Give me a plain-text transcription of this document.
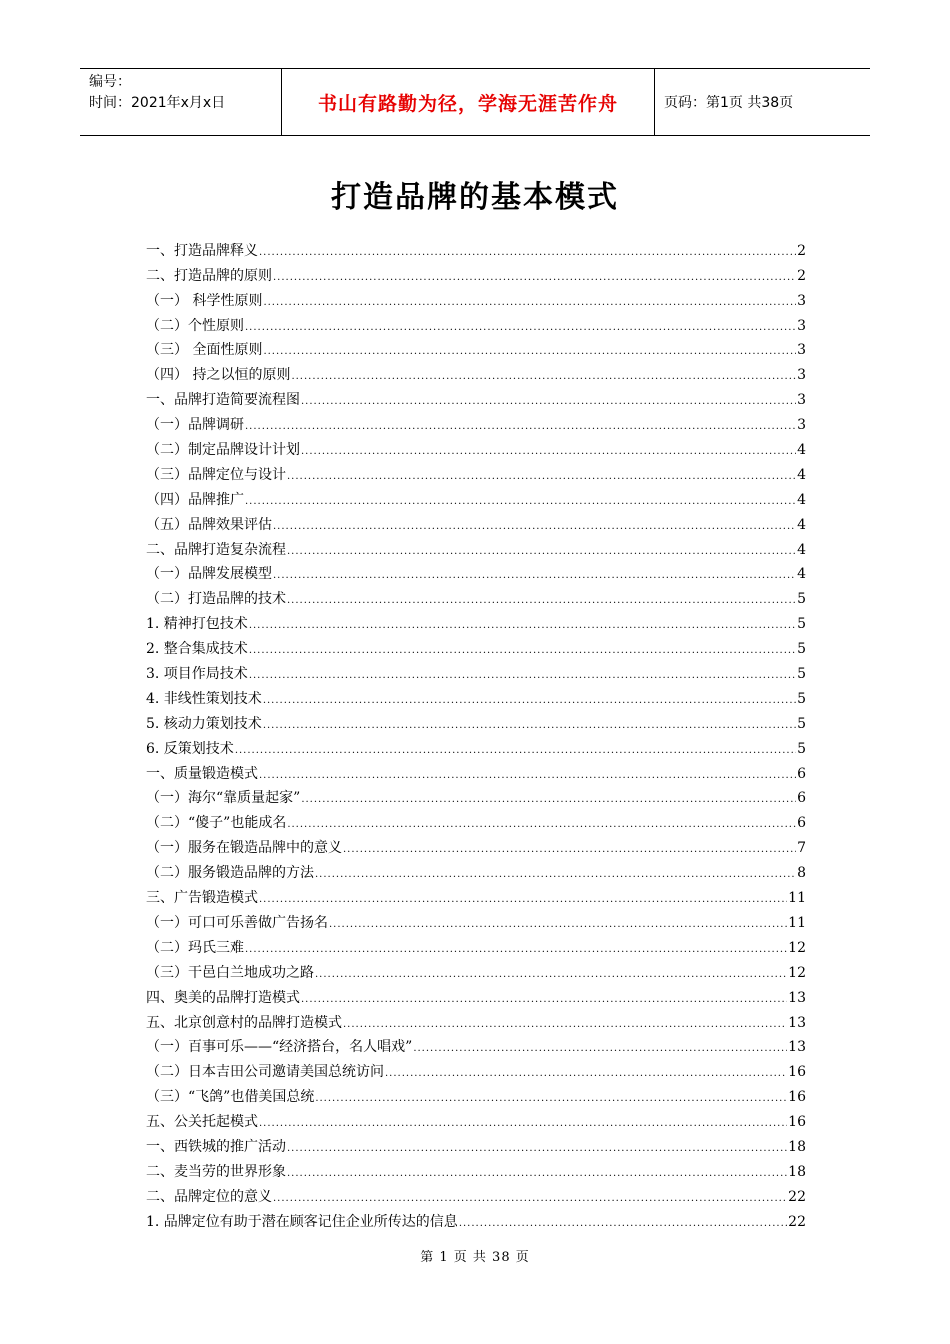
编号：
时间：2021年x月x日	书山有路勤为径，学海无涯苦作舟	页码：第1页 共38页
打造品牌的基本模式
一、打造品牌释义 .....	2
二、打造品牌的原则 .....	2
（一） 科学性原则 .....	3
（二）个性原则 .....	3
（三） 全面性原则 .....	3
（四） 持之以恒的原则 .....	3
一、品牌打造简要流程图 .....	3
（一）品牌调研 .....	3
（二）制定品牌设计计划 .....	4
（三）品牌定位与设计 .....	4
（四）品牌推广 .....	4
（五）品牌效果评估 .....	4
二、品牌打造复杂流程 .....	4
（一）品牌发展模型 .....	4
（二）打造品牌的技术 .....	5
1. 精神打包技术 .....	5
2. 整合集成技术 .....	5
3. 项目作局技术 .....	5
4. 非线性策划技术 .....	5
5. 核动力策划技术 .....	5
6. 反策划技术 .....	5
一、质量锻造模式 .....	6
（一）海尔“靠质量起家” .....	6
（二）“傻子”也能成名 .....	6
（一）服务在锻造品牌中的意义 .....	7
（二）服务锻造品牌的方法 .....	8
三、广告锻造模式 .....	11
（一）可口可乐善做广告扬名 .....	11
（二）玛氏三难 .....	12
（三）干邑白兰地成功之路 .....	12
四、奥美的品牌打造模式 .....	13
五、北京创意村的品牌打造模式 .....	13
（一）百事可乐——“经济搭台，名人唱戏” .....	13
（二）日本吉田公司邀请美国总统访问 .....	16
（三）“飞鸽”也借美国总统 .....	16
五、公关托起模式 .....	16
一、西铁城的推广活动 .....	18
二、麦当劳的世界形象 .....	18
二、品牌定位的意义 .....	22
1. 品牌定位有助于潜在顾客记住企业所传达的信息 .....	22
第 1 页 共 38 页
